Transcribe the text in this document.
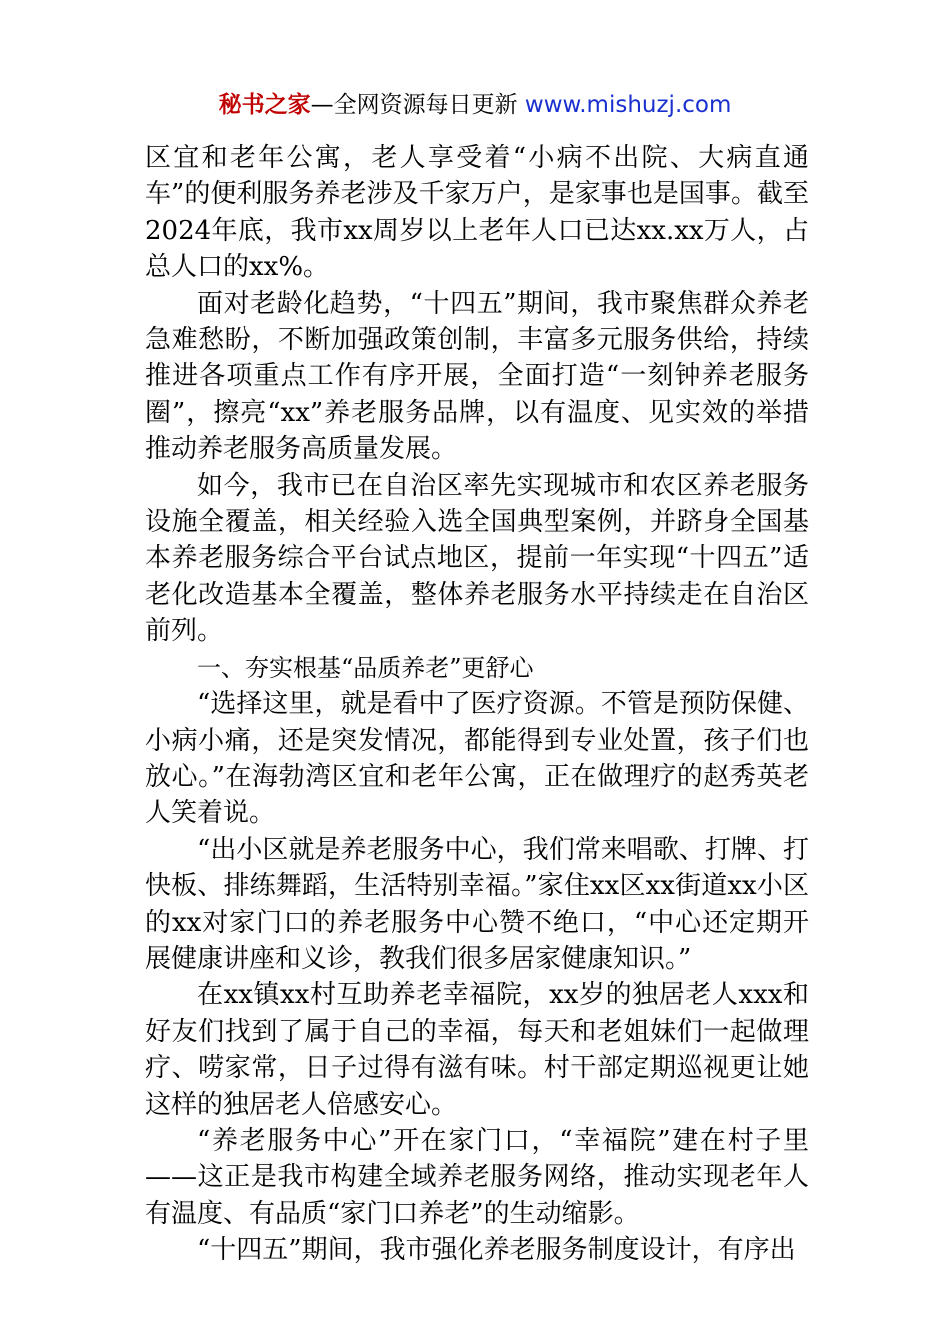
秘书之家—全网资源每日更新 www.mishuzj.com

区宜和老年公寓，老人享受着“小病不出院、大病直通车”的便利服务养老涉及千家万户，是家事也是国事。截至2024年底，我市xx周岁以上老年人口已达xx.xx万人，占总人口的xx%。

面对老龄化趋势，“十四五”期间，我市聚焦群众养老急难愁盼，不断加强政策创制，丰富多元服务供给，持续推进各项重点工作有序开展，全面打造“一刻钟养老服务圈”，擦亮“xx”养老服务品牌，以有温度、见实效的举措推动养老服务高质量发展。

如今，我市已在自治区率先实现城市和农区养老服务设施全覆盖，相关经验入选全国典型案例，并跻身全国基本养老服务综合平台试点地区，提前一年实现“十四五”适老化改造基本全覆盖，整体养老服务水平持续走在自治区前列。

一、夯实根基“品质养老”更舒心

“选择这里，就是看中了医疗资源。不管是预防保健、小病小痛，还是突发情况，都能得到专业处置，孩子们也放心。”在海勃湾区宜和老年公寓，正在做理疗的赵秀英老人笑着说。

“出小区就是养老服务中心，我们常来唱歌、打牌、打快板、排练舞蹈，生活特别幸福。”家住xx区xx街道xx小区的xx对家门口的养老服务中心赞不绝口，“中心还定期开展健康讲座和义诊，教我们很多居家健康知识。”

在xx镇xx村互助养老幸福院，xx岁的独居老人xxx和好友们找到了属于自己的幸福，每天和老姐妹们一起做理疗、唠家常，日子过得有滋有味。村干部定期巡视更让她这样的独居老人倍感安心。

“养老服务中心”开在家门口，“幸福院”建在村子里——这正是我市构建全域养老服务网络，推动实现老年人有温度、有品质“家门口养老”的生动缩影。

“十四五”期间，我市强化养老服务制度设计，有序出
